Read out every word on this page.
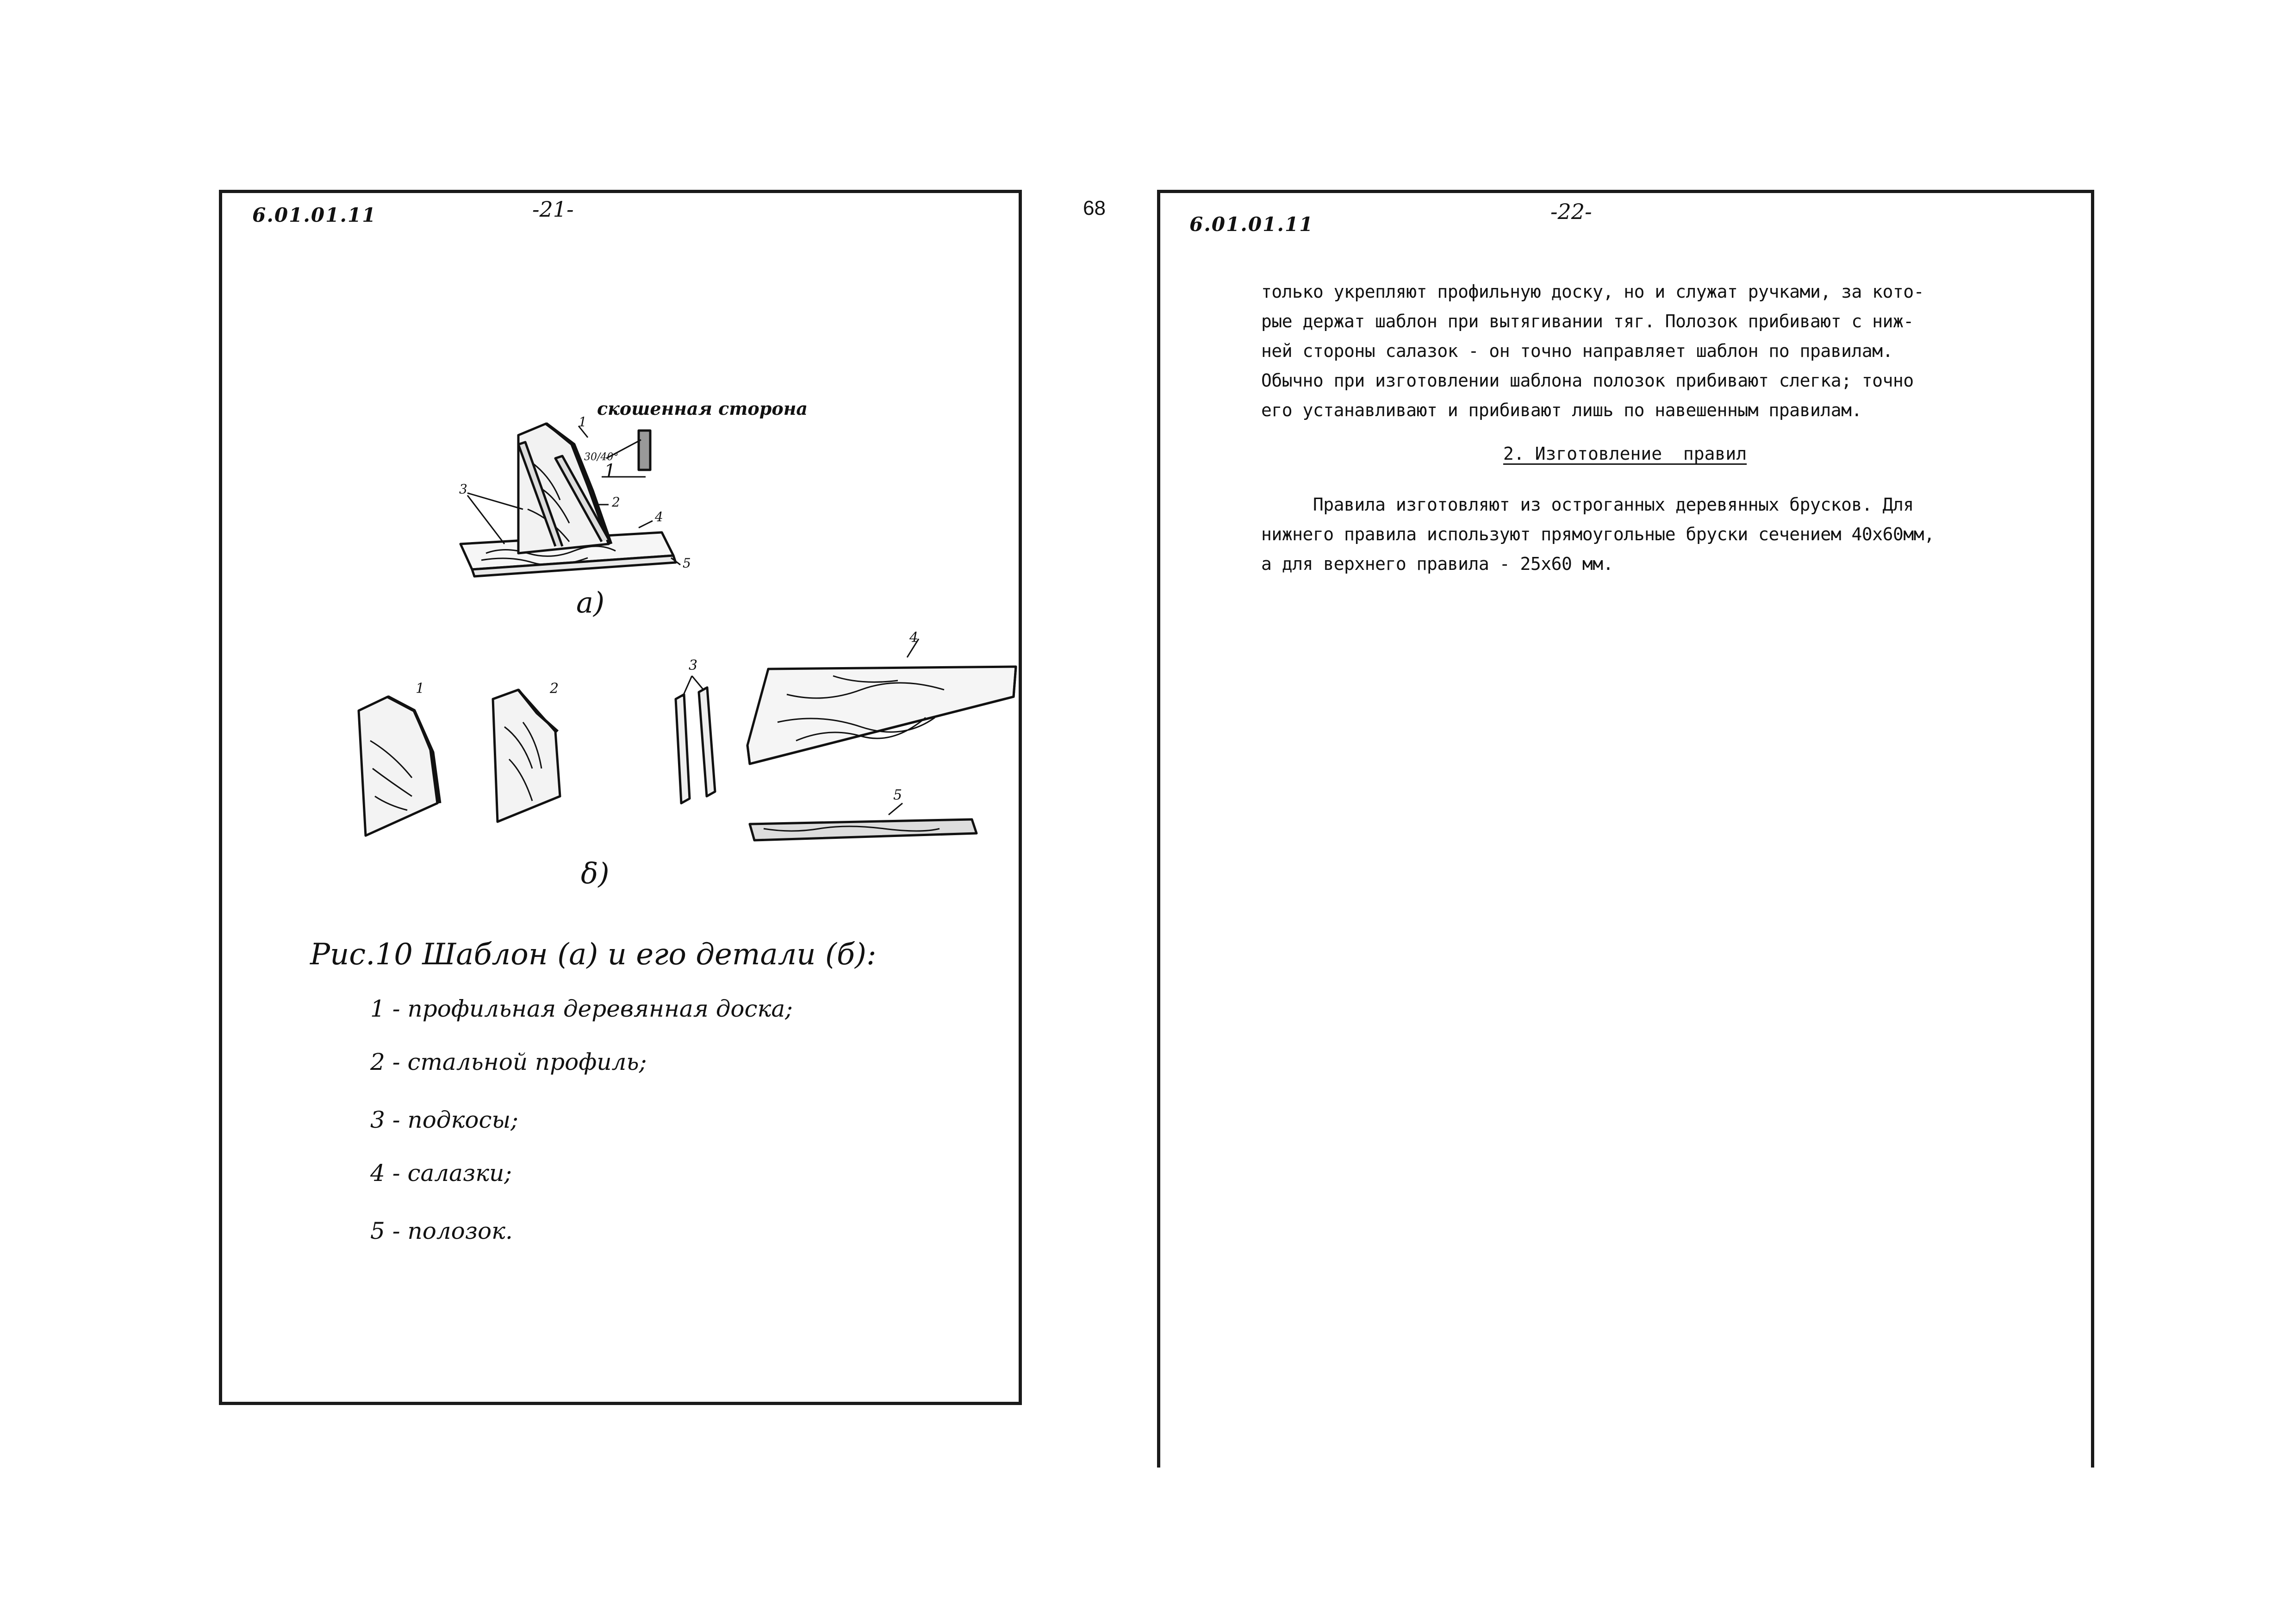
68
6.01.01.11	-21-
скошенная сторона
30/40°
1
1
2
3
4
5
а)
1	2
3
4
5
δ)
Рис.10 Шаблон (а) и его детали (б):
1 - профильная деревянная доска;
2 - стальной профиль;
3 - подкосы;
4 - салазки;
5 - полозок.
6.01.01.11
-22-
только укрепляют профильную доску, но и служат ручками, за кото-
рые держат шаблон при вытягивании тяг. Полозок прибивают с ниж-
ней стороны салазок - он точно направляет шаблон по правилам.
Обычно при изготовлении шаблона полозок прибивают слегка; точно
его устанавливают и прибивают лишь по навешенным правилам.
2. Изготовление  правил
Правила изготовляют из остроганных деревянных брусков. Для
нижнего правила используют прямоугольные бруски сечением 40x60мм,
а для верхнего правила - 25x60 мм.
